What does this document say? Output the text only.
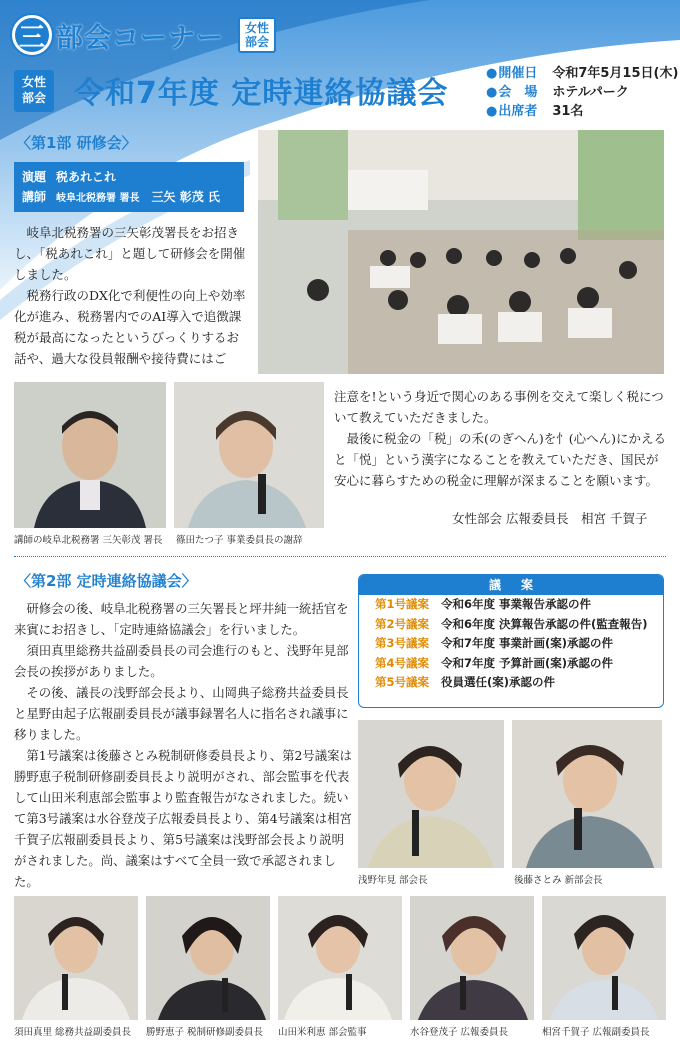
三 部会コーナー	女性
部会
女性
部会 令和7年度 定時連絡協議会
● 開催日	令和7年5月15日(木)
● 会　場	ホテルパーク
● 出席者	31名
〈第1部 研修会〉
演題 税あれこれ
講師 岐阜北税務署 署長　 三矢 彰茂 氏

岐阜北税務署の三矢彰茂署長をお招きし、「税あれこれ」と題して研修会を開催しました。

税務行政のDX化で利便性の向上や効率化が進み、税務署内でのAI導入で追徴課税が最高になったというびっくりするお話や、過大な役員報酬や接待費にはご

講師の岐阜北税務署 三矢彰茂 署長 篠田たつ子 事業委員長の謝辞

注意を!という身近で関心のある事例を交えて楽しく税について教えていただきました。

最後に税金の「税」の禾(のぎへん)を忄(心へん)にかえると「悦」という漢字になることを教えていただき、国民が安心に暮らすための税金に理解が深まることを願います。

女性部会 広報委員長　相宮 千賀子
〈第2部 定時連絡協議会〉

研修会の後、岐阜北税務署の三矢署長と坪井純一統括官を来賓にお招きし、「定時連絡協議会」を行いました。

須田真里総務共益副委員長の司会進行のもと、浅野年見部会長の挨拶がありました。

その後、議長の浅野部会長より、山岡典子総務共益委員長と星野由起子広報副委員長が議事録署名人に指名され議事に移りました。

第1号議案は後藤さとみ税制研修委員長より、第2号議案は勝野恵子税制研修副委員長より説明がされ、部会監事を代表して山田米利恵部会監事より監査報告がなされました。続いて第3号議案は水谷登茂子広報委員長より、第4号議案は相宮千賀子広報副委員長より、第5号議案は浅野部会長より説明がされました。尚、議案はすべて全員一致で承認されました。

議案
第1号議案	令和6年度 事業報告承認の件
第2号議案	令和6年度 決算報告承認の件(監査報告)
第3号議案	令和7年度 事業計画(案)承認の件
第4号議案	令和7年度 予算計画(案)承認の件
第5号議案	役員選任(案)承認の件
浅野年見 部会長	後藤さとみ 新部会長
須田真里 総務共益副委員長 勝野恵子 税制研修副委員長 山田米利恵 部会監事	水谷登茂子 広報委員長	相宮千賀子 広報副委員長
